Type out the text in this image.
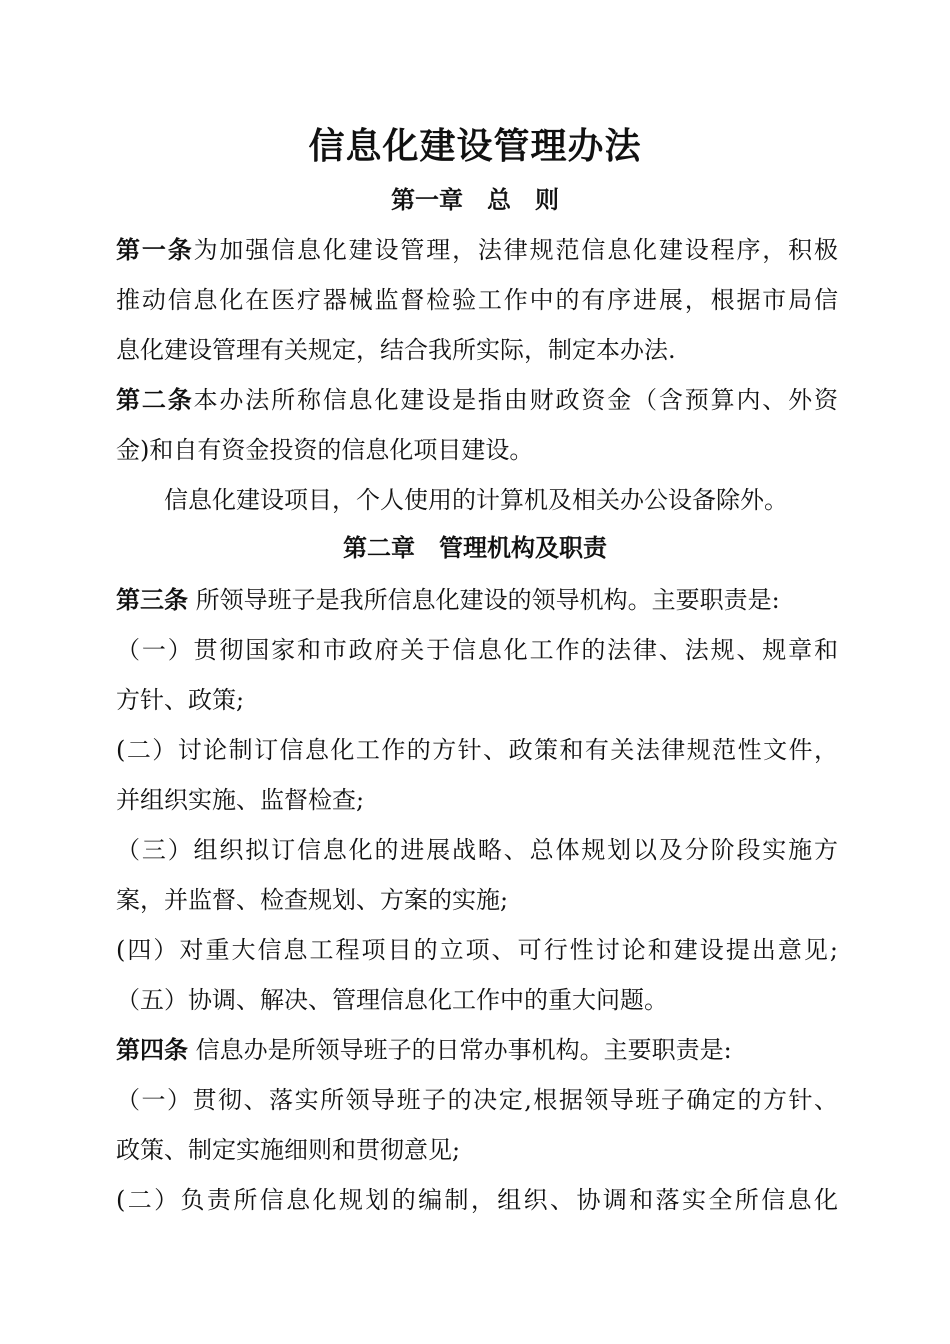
信息化建设管理办法
第一章　总　则
第一条为加强信息化建设管理，法律规范信息化建设程序，积极
推动信息化在医疗器械监督检验工作中的有序进展，根据市局信
息化建设管理有关规定，结合我所实际，制定本办法.
第二条本办法所称信息化建设是指由财政资金（含预算内、外资
金)和自有资金投资的信息化项目建设。
信息化建设项目，个人使用的计算机及相关办公设备除外。
第二章　管理机构及职责
第三条 所领导班子是我所信息化建设的领导机构。主要职责是:
（一）贯彻国家和市政府关于信息化工作的法律、法规、规章和
方针、政策;
(二）讨论制订信息化工作的方针、政策和有关法律规范性文件，
并组织实施、监督检查;
（三）组织拟订信息化的进展战略、总体规划以及分阶段实施方
案，并监督、检查规划、方案的实施;
(四）对重大信息工程项目的立项、可行性讨论和建设提出意见;
（五）协调、解决、管理信息化工作中的重大问题。
第四条 信息办是所领导班子的日常办事机构。主要职责是:
（一）贯彻、落实所领导班子的决定,根据领导班子确定的方针、
政策、制定实施细则和贯彻意见;
(二）负责所信息化规划的编制，组织、协调和落实全所信息化
